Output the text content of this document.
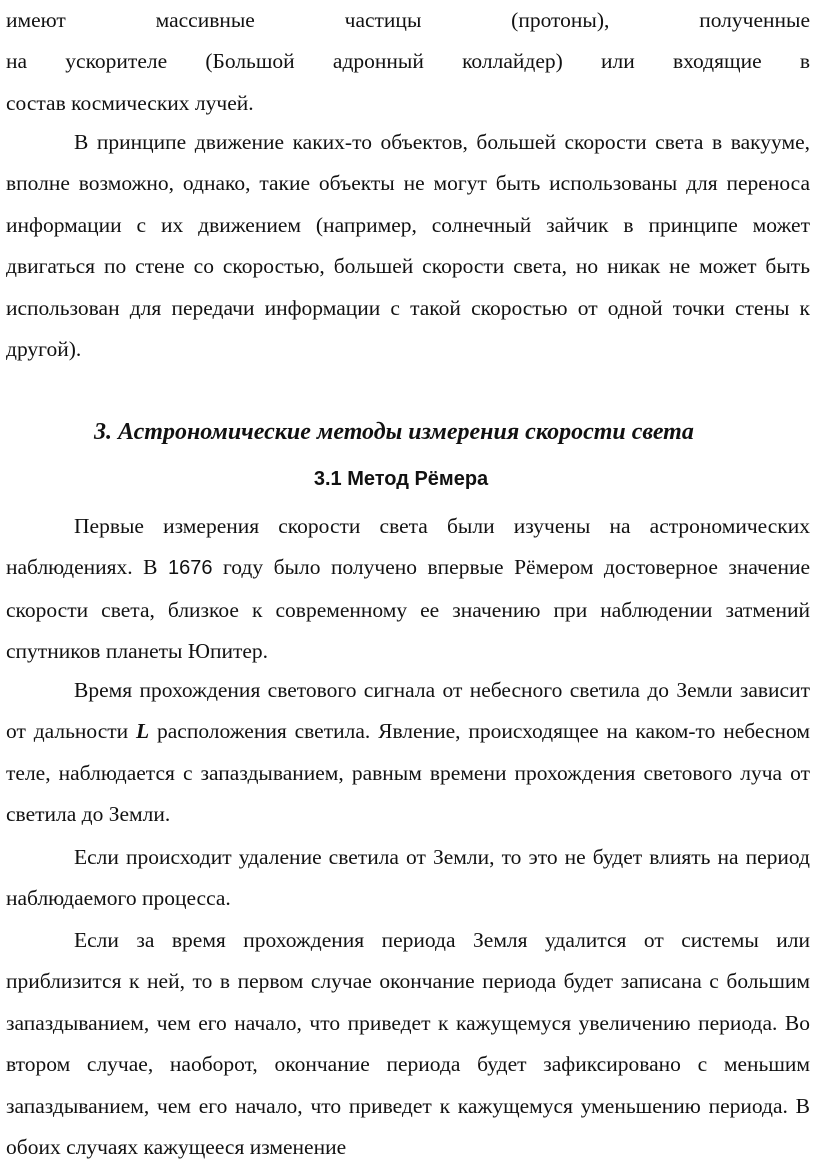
имеют массивные частицы (протоны), полученные

на ускорителе (Большой адронный коллайдер) или входящие в

состав космических лучей.

В принципе движение каких-то объектов, большей скорости света в вакууме, вполне возможно, однако, такие объекты не могут быть использованы для переноса информации с их движением (например, солнечный зайчик в принципе может двигаться по стене со скоростью, большей скорости света, но никак не может быть использован для передачи информации с такой скоростью от одной точки стены к другой).

3. Астрономические методы измерения скорости света
3.1 Метод Рёмера

Первые измерения скорости света были изучены на астрономических наблюдениях. В 1676 году было получено впервые Рёмером достоверное значение скорости света, близкое к современному ее значению при наблюдении затмений спутников планеты Юпитер.

Время прохождения светового сигнала от небесного светила до Земли зависит от дальности L расположения светила. Явление, происходящее на каком-то небесном теле, наблюдается с запаздыванием, равным времени прохождения светового луча от светила до Земли.

Если происходит удаление светила от Земли, то это не будет влиять на период наблюдаемого процесса.

Если за время прохождения периода Земля удалится от системы или приблизится к ней, то в первом случае окончание периода будет записана с большим запаздыванием, чем его начало, что приведет к кажущемуся увеличению периода. Во втором случае, наоборот, окончание периода будет зафиксировано с меньшим запаздыванием, чем его начало, что приведет к кажущемуся уменьшению периода. В обоих случаях кажущееся изменение
